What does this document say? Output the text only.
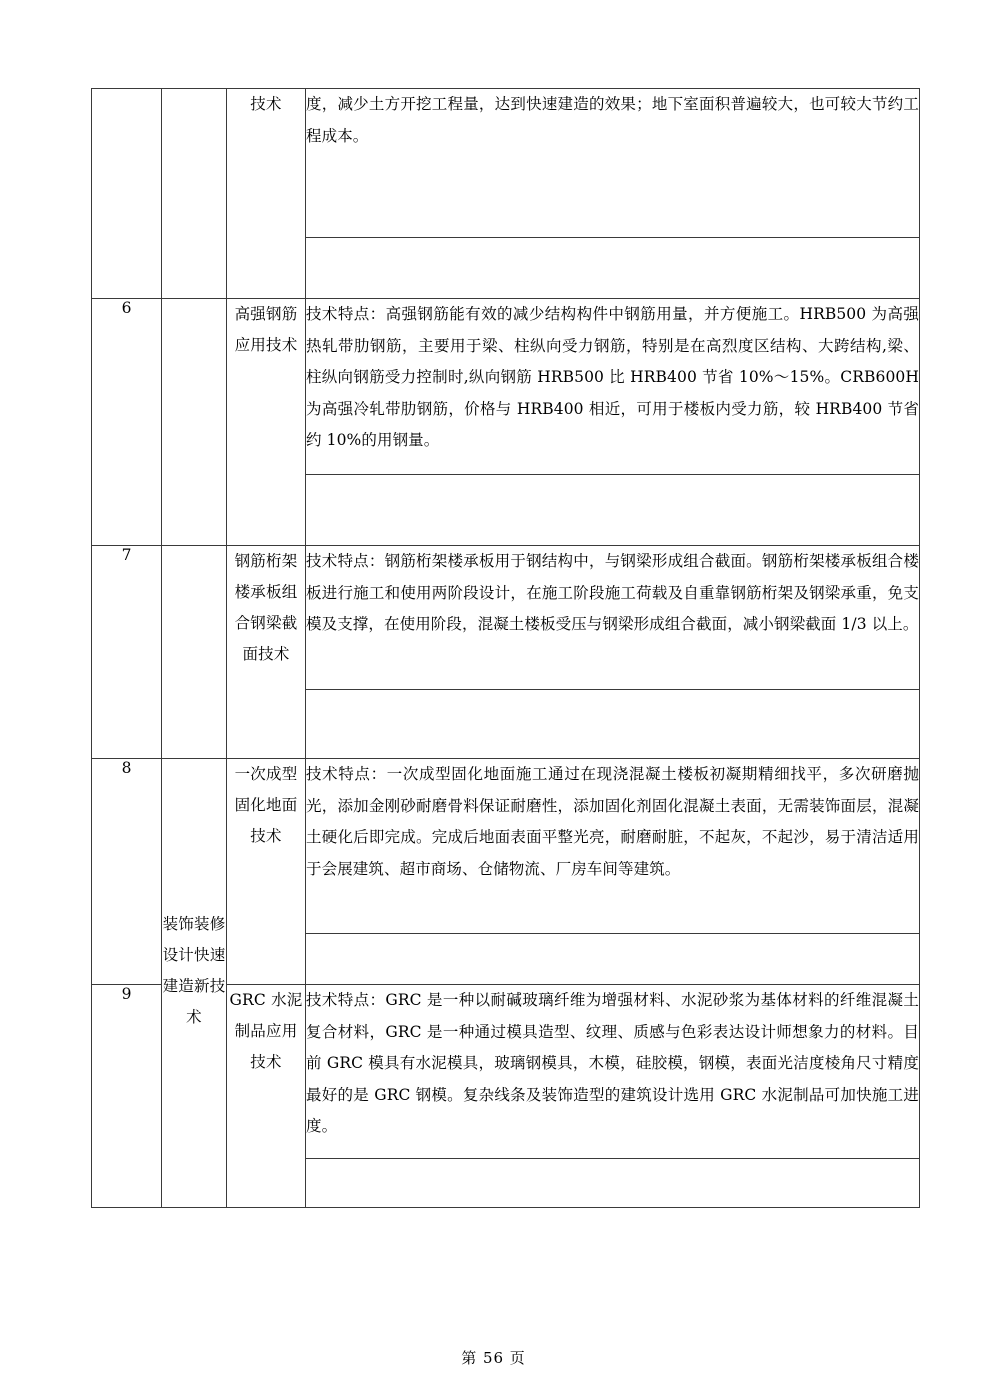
		技术	度，减少土方开挖工程量，达到快速建造的效果；地下室面积普遍较大，也可较大节约工程成本。

6		高强钢筋应用技术	技术特点：高强钢筋能有效的减少结构构件中钢筋用量，并方便施工。HRB500 为高强热轧带肋钢筋，主要用于梁、柱纵向受力钢筋，特别是在高烈度区结构、大跨结构,梁、柱纵向钢筋受力控制时,纵向钢筋 HRB500 比 HRB400 节省 10%～15%。CRB600H 为高强冷轧带肋钢筋，价格与 HRB400 相近，可用于楼板内受力筋，较 HRB400 节省约 10%的用钢量。

7		钢筋桁架楼承板组合钢梁截面技术	技术特点：钢筋桁架楼承板用于钢结构中，与钢梁形成组合截面。钢筋桁架楼承板组合楼板进行施工和使用两阶段设计，在施工阶段施工荷载及自重靠钢筋桁架及钢梁承重，免支模及支撑，在使用阶段，混凝土楼板受压与钢梁形成组合截面，减小钢梁截面 1/3 以上。

8	装饰装修设计快速建造新技术	一次成型固化地面技术	技术特点：一次成型固化地面施工通过在现浇混凝土楼板初凝期精细找平，多次研磨抛光，添加金刚砂耐磨骨料保证耐磨性，添加固化剂固化混凝土表面，无需装饰面层，混凝土硬化后即完成。完成后地面表面平整光亮，耐磨耐脏，不起灰，不起沙，易于清洁适用于会展建筑、超市商场、仓储物流、厂房车间等建筑。

9		GRC 水泥制品应用技术	技术特点：GRC 是一种以耐碱玻璃纤维为增强材料、水泥砂浆为基体材料的纤维混凝土复合材料，GRC 是一种通过模具造型、纹理、质感与色彩表达设计师想象力的材料。目前 GRC 模具有水泥模具，玻璃钢模具，木模，硅胶模，钢模，表面光洁度棱角尺寸精度最好的是 GRC 钢模。复杂线条及装饰造型的建筑设计选用 GRC 水泥制品可加快施工进度。

第 56 页
